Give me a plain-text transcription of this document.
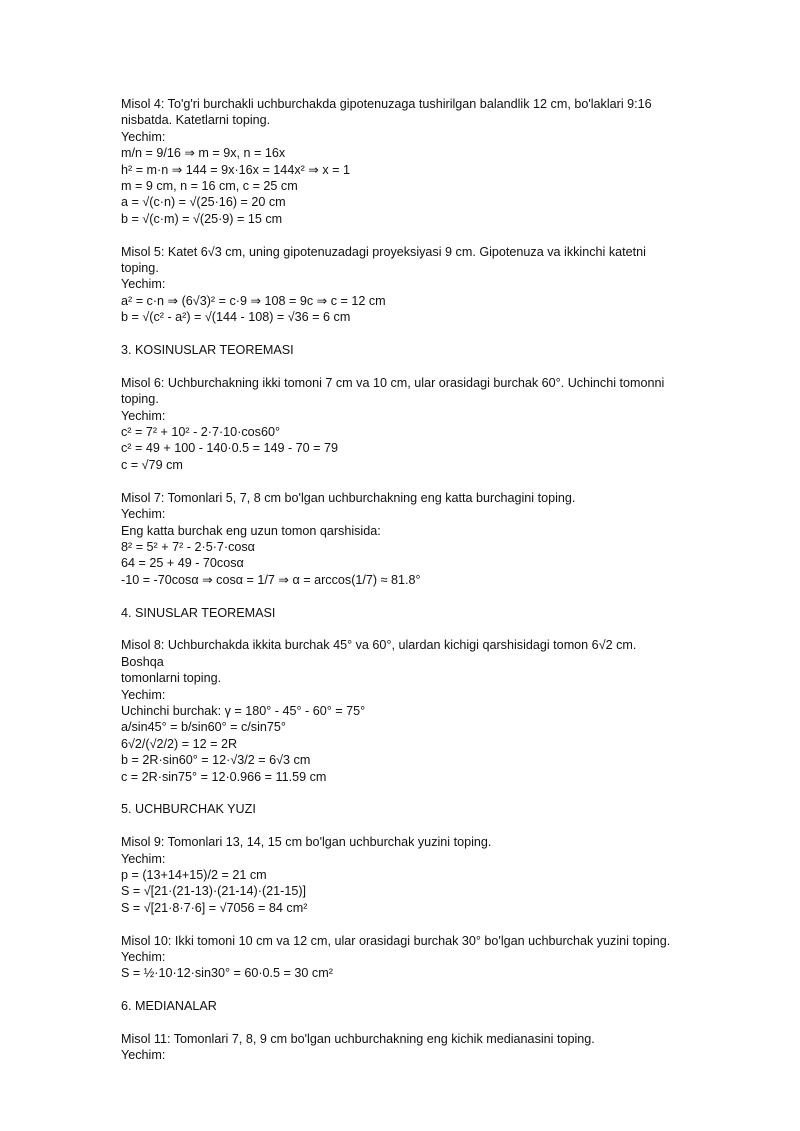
Misol 4: To'g'ri burchakli uchburchakda gipotenuzaga tushirilgan balandlik 12 cm, bo'laklari 9:16
nisbatda. Katetlarni toping.
Yechim:
m/n = 9/16 ⇒ m = 9x, n = 16x
h² = m·n ⇒ 144 = 9x·16x = 144x² ⇒ x = 1
m = 9 cm, n = 16 cm, c = 25 cm
a = √(c·n) = √(25·16) = 20 cm
b = √(c·m) = √(25·9) = 15 cm
Misol 5: Katet 6√3 cm, uning gipotenuzadagi proyeksiyasi 9 cm. Gipotenuza va ikkinchi katetni toping.
Yechim:
a² = c·n ⇒ (6√3)² = c·9 ⇒ 108 = 9c ⇒ c = 12 cm
b = √(c² - a²) = √(144 - 108) = √36 = 6 cm
3. KOSINUSLAR TEOREMASI
Misol 6: Uchburchakning ikki tomoni 7 cm va 10 cm, ular orasidagi burchak 60°. Uchinchi tomonni
toping.
Yechim:
c² = 7² + 10² - 2·7·10·cos60°
c² = 49 + 100 - 140·0.5 = 149 - 70 = 79
c = √79 cm
Misol 7: Tomonlari 5, 7, 8 cm bo'lgan uchburchakning eng katta burchagini toping.
Yechim:
Eng katta burchak eng uzun tomon qarshisida:
8² = 5² + 7² - 2·5·7·cosα
64 = 25 + 49 - 70cosα
-10 = -70cosα ⇒ cosα = 1/7 ⇒ α = arccos(1/7) ≈ 81.8°
4. SINUSLAR TEOREMASI
Misol 8: Uchburchakda ikkita burchak 45° va 60°, ulardan kichigi qarshisidagi tomon 6√2 cm. Boshqa
tomonlarni toping.
Yechim:
Uchinchi burchak: γ = 180° - 45° - 60° = 75°
a/sin45° = b/sin60° = c/sin75°
6√2/(√2/2) = 12 = 2R
b = 2R·sin60° = 12·√3/2 = 6√3 cm
c = 2R·sin75° = 12·0.966 = 11.59 cm
5. UCHBURCHAK YUZI
Misol 9: Tomonlari 13, 14, 15 cm bo'lgan uchburchak yuzini toping.
Yechim:
p = (13+14+15)/2 = 21 cm
S = √[21·(21-13)·(21-14)·(21-15)]
S = √[21·8·7·6] = √7056 = 84 cm²
Misol 10: Ikki tomoni 10 cm va 12 cm, ular orasidagi burchak 30° bo'lgan uchburchak yuzini toping.
Yechim:
S = ½·10·12·sin30° = 60·0.5 = 30 cm²
6. MEDIANALAR
Misol 11: Tomonlari 7, 8, 9 cm bo'lgan uchburchakning eng kichik medianasini toping.
Yechim:
